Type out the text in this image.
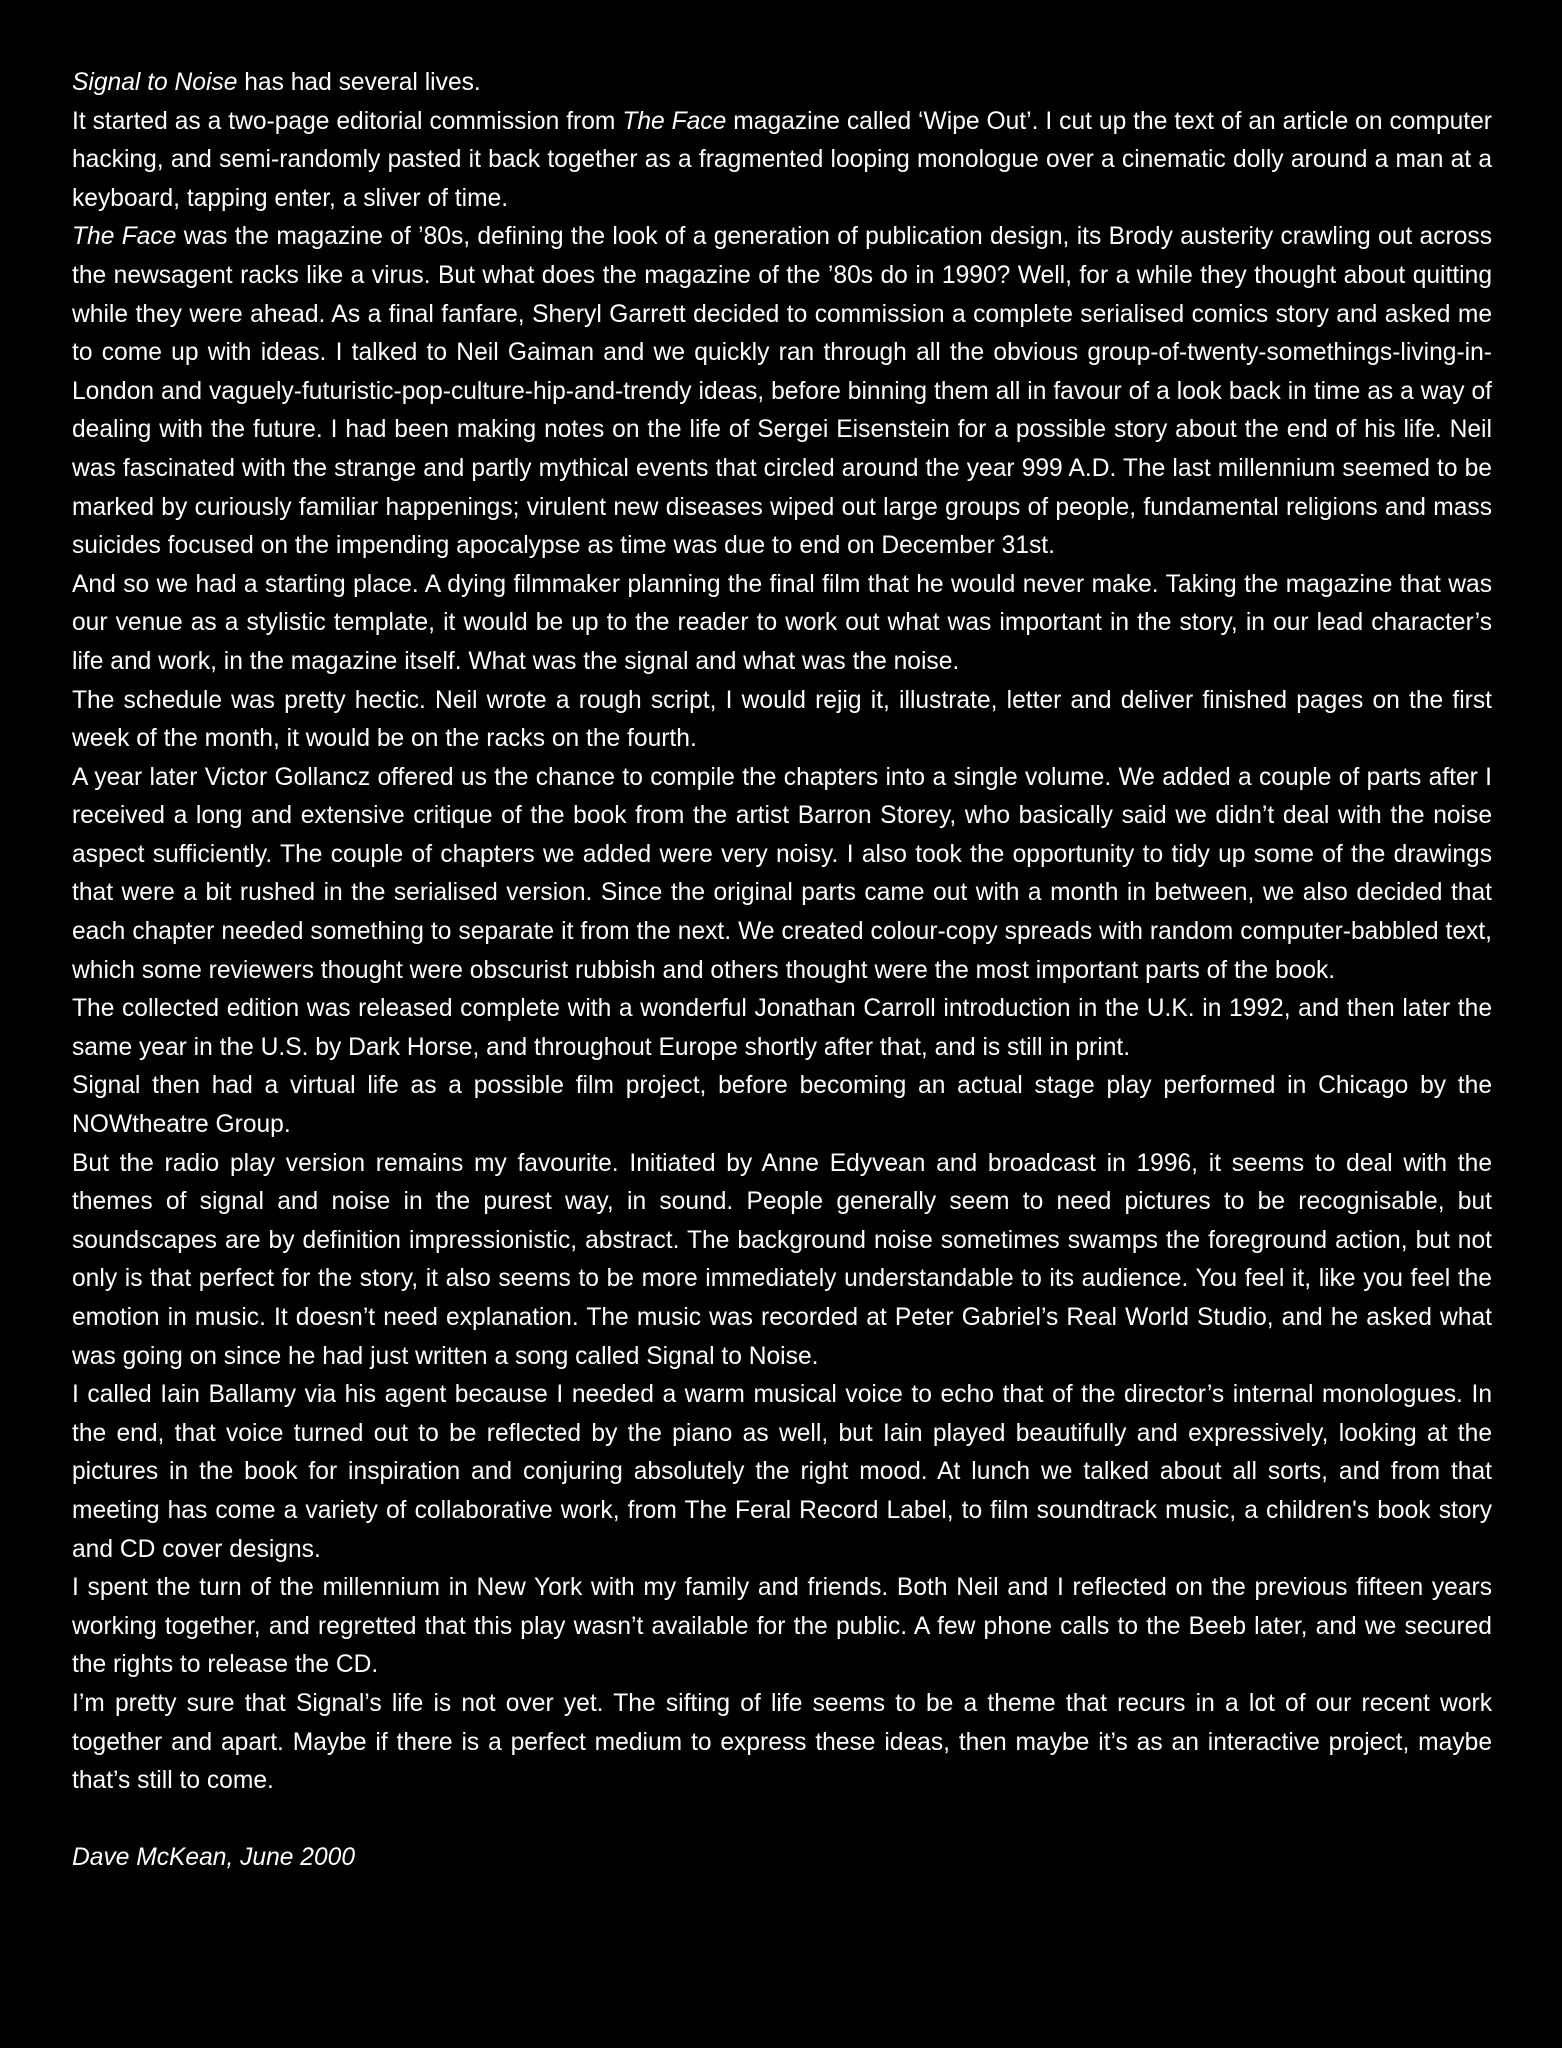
Signal to Noise has had several lives.

It started as a two-page editorial commission from The Face magazine called ‘Wipe Out’. I cut up the text of an article on computer hacking, and semi-randomly pasted it back together as a fragmented looping monologue over a cinematic dolly around a man at a keyboard, tapping enter, a sliver of time.

The Face was the magazine of ’80s, defining the look of a generation of publication design, its Brody austerity crawling out across the newsagent racks like a virus. But what does the magazine of the ’80s do in 1990? Well, for a while they thought about quitting while they were ahead. As a final fanfare, Sheryl Garrett decided to commission a complete serialised comics story and asked me to come up with ideas. I talked to Neil Gaiman and we quickly ran through all the obvious group-of-twenty-somethings-living-in-London and vaguely-futuristic-pop-culture-hip-and-trendy ideas, before binning them all in favour of a look back in time as a way of dealing with the future. I had been making notes on the life of Sergei Eisenstein for a possible story about the end of his life. Neil was fascinated with the strange and partly mythical events that circled around the year 999 A.D. The last millennium seemed to be marked by curiously familiar happenings; virulent new diseases wiped out large groups of people, fundamental religions and mass suicides focused on the impending apocalypse as time was due to end on December 31st.

And so we had a starting place. A dying filmmaker planning the final film that he would never make. Taking the magazine that was our venue as a stylistic template, it would be up to the reader to work out what was important in the story, in our lead character’s life and work, in the magazine itself. What was the signal and what was the noise.

The schedule was pretty hectic. Neil wrote a rough script, I would rejig it, illustrate, letter and deliver finished pages on the first week of the month, it would be on the racks on the fourth.

A year later Victor Gollancz offered us the chance to compile the chapters into a single volume. We added a couple of parts after I received a long and extensive critique of the book from the artist Barron Storey, who basically said we didn’t deal with the noise aspect sufficiently. The couple of chapters we added were very noisy. I also took the opportunity to tidy up some of the drawings that were a bit rushed in the serialised version. Since the original parts came out with a month in between, we also decided that each chapter needed something to separate it from the next. We created colour-copy spreads with random computer-babbled text, which some reviewers thought were obscurist rubbish and others thought were the most important parts of the book.

The collected edition was released complete with a wonderful Jonathan Carroll introduction in the U.K. in 1992, and then later the same year in the U.S. by Dark Horse, and throughout Europe shortly after that, and is still in print.

Signal then had a virtual life as a possible film project, before becoming an actual stage play performed in Chicago by the NOWtheatre Group.

But the radio play version remains my favourite. Initiated by Anne Edyvean and broadcast in 1996, it seems to deal with the themes of signal and noise in the purest way, in sound. People generally seem to need pictures to be recognisable, but soundscapes are by definition impressionistic, abstract. The background noise sometimes swamps the foreground action, but not only is that perfect for the story, it also seems to be more immediately understandable to its audience. You feel it, like you feel the emotion in music. It doesn’t need explanation. The music was recorded at Peter Gabriel’s Real World Studio, and he asked what was going on since he had just written a song called Signal to Noise.

I called Iain Ballamy via his agent because I needed a warm musical voice to echo that of the director’s internal monologues. In the end, that voice turned out to be reflected by the piano as well, but Iain played beautifully and expressively, looking at the pictures in the book for inspiration and conjuring absolutely the right mood. At lunch we talked about all sorts, and from that meeting has come a variety of collaborative work, from The Feral Record Label, to film soundtrack music, a children's book story and CD cover designs.

I spent the turn of the millennium in New York with my family and friends. Both Neil and I reflected on the previous fifteen years working together, and regretted that this play wasn’t available for the public. A few phone calls to the Beeb later, and we secured the rights to release the CD.

I’m pretty sure that Signal’s life is not over yet. The sifting of life seems to be a theme that recurs in a lot of our recent work together and apart. Maybe if there is a perfect medium to express these ideas, then maybe it’s as an interactive project, maybe that’s still to come.

Dave McKean, June 2000
